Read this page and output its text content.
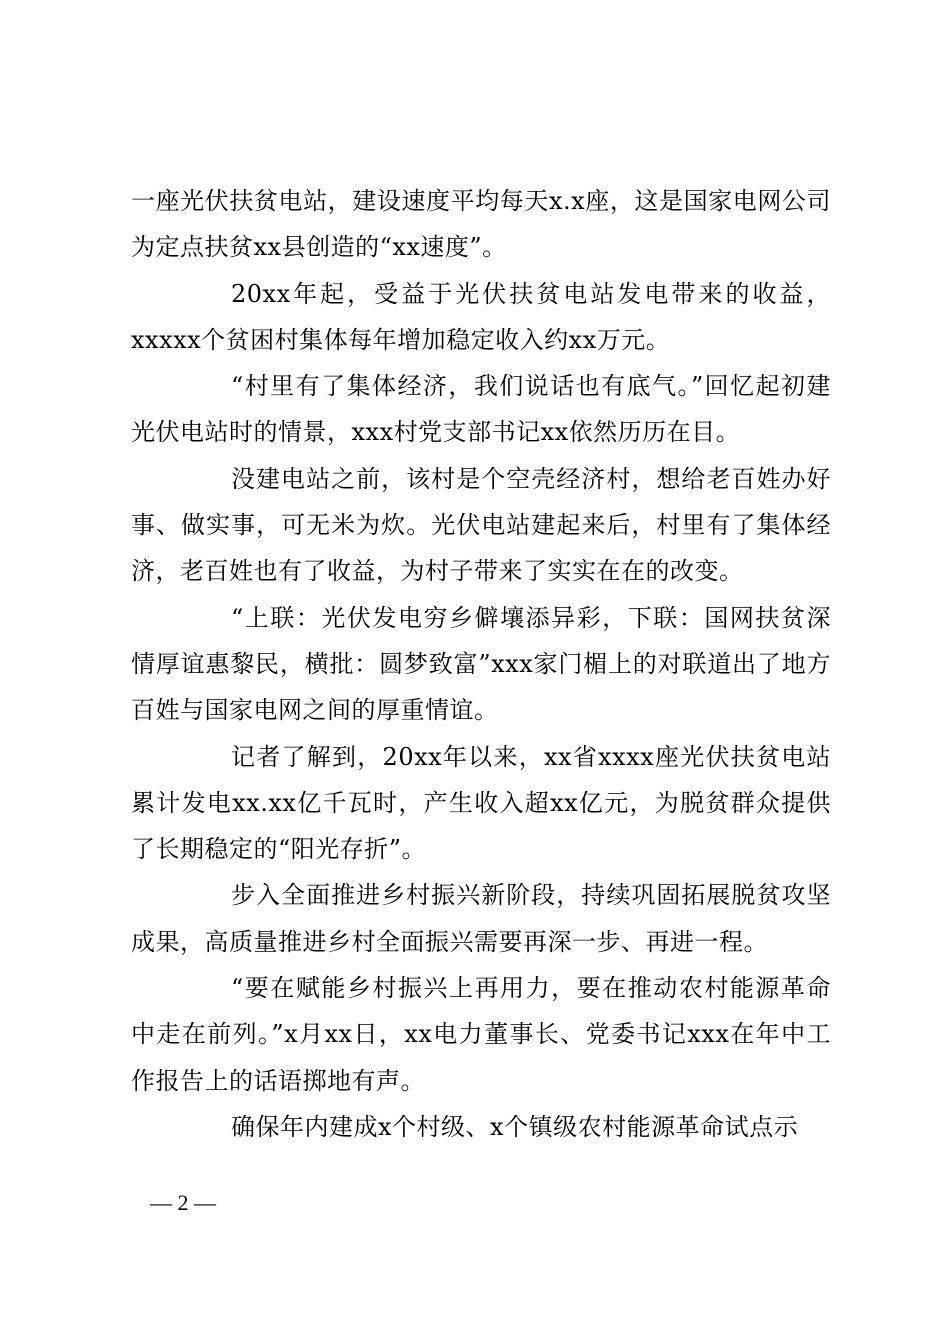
一座光伏扶贫电站，建设速度平均每天x.x座，这是国家电网公司为定点扶贫xx县创造的“xx速度”。

20xx年起，受益于光伏扶贫电站发电带来的收益，xxxxx个贫困村集体每年增加稳定收入约xx万元。

“村里有了集体经济，我们说话也有底气。”回忆起初建光伏电站时的情景，xxx村党支部书记xx依然历历在目。

没建电站之前，该村是个空壳经济村，想给老百姓办好事、做实事，可无米为炊。光伏电站建起来后，村里有了集体经济，老百姓也有了收益，为村子带来了实实在在的改变。

“上联：光伏发电穷乡僻壤添异彩，下联：国网扶贫深情厚谊惠黎民，横批：圆梦致富”xxx家门楣上的对联道出了地方百姓与国家电网之间的厚重情谊。

记者了解到，20xx年以来，xx省xxxx座光伏扶贫电站累计发电xx.xx亿千瓦时，产生收入超xx亿元，为脱贫群众提供了长期稳定的“阳光存折”。

步入全面推进乡村振兴新阶段，持续巩固拓展脱贫攻坚成果，高质量推进乡村全面振兴需要再深一步、再进一程。

“要在赋能乡村振兴上再用力，要在推动农村能源革命中走在前列。”x月xx日，xx电力董事长、党委书记xxx在年中工作报告上的话语掷地有声。

确保年内建成x个村级、x个镇级农村能源革命试点示

— 2 —
